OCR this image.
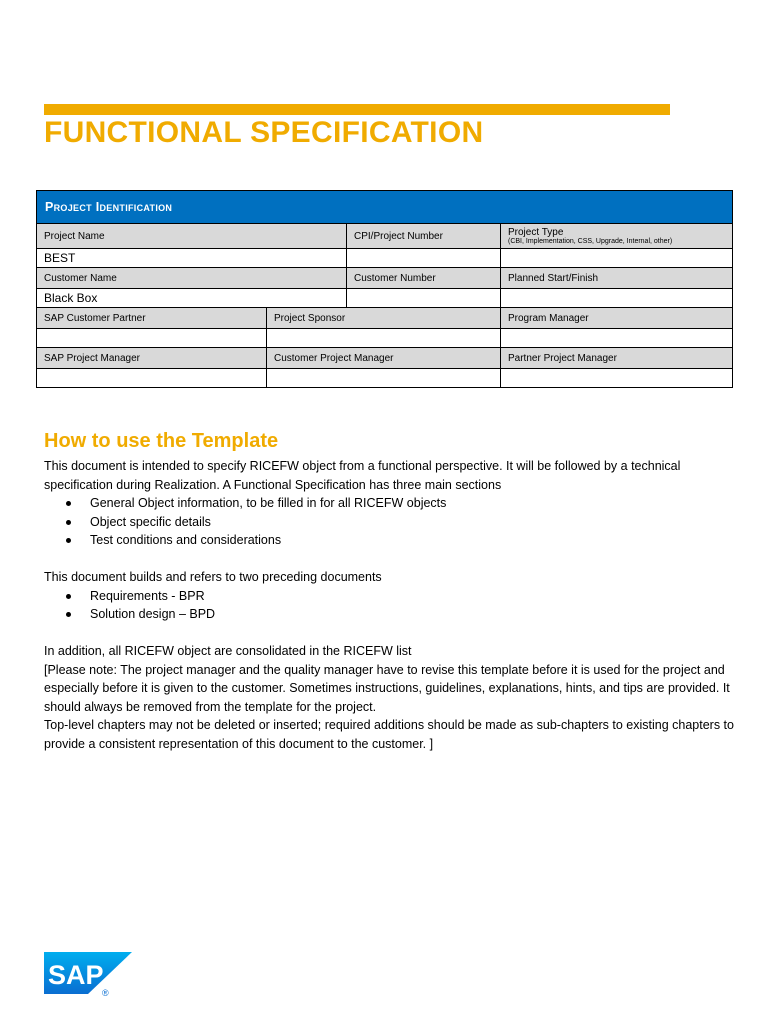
FUNCTIONAL SPECIFICATION
Project Identification			
Project Name		CPI/Project Number	Project Type
(CBI, Implementation, CSS, Upgrade, Internal, other)

BEST			
Customer Name		Customer Number	Planned Start/Finish
Black Box			
SAP Customer Partner	Project Sponsor		Program Manager

SAP Project Manager	Customer Project Manager		Partner Project Manager

How to use the Template

This document is intended to specify RICEFW object from a functional perspective. It will be followed by a technical specification during Realization. A Functional Specification has three main sections

General Object information, to be filled in for all RICEFW objects
Object specific details
Test conditions and considerations

This document builds and refers to two preceding documents

Requirements - BPR
Solution design – BPD

In addition, all RICEFW object are consolidated in the RICEFW list

[Please note: The project manager and the quality manager have to revise this template before it is used for the project and especially before it is given to the customer. Sometimes instructions, guidelines, explanations, hints, and tips are provided. It should always be removed from the template for the project.

Top-level chapters may not be deleted or inserted; required additions should be made as sub-chapters to existing chapters to provide a consistent representation of this document to the customer. ]

SAP
®
